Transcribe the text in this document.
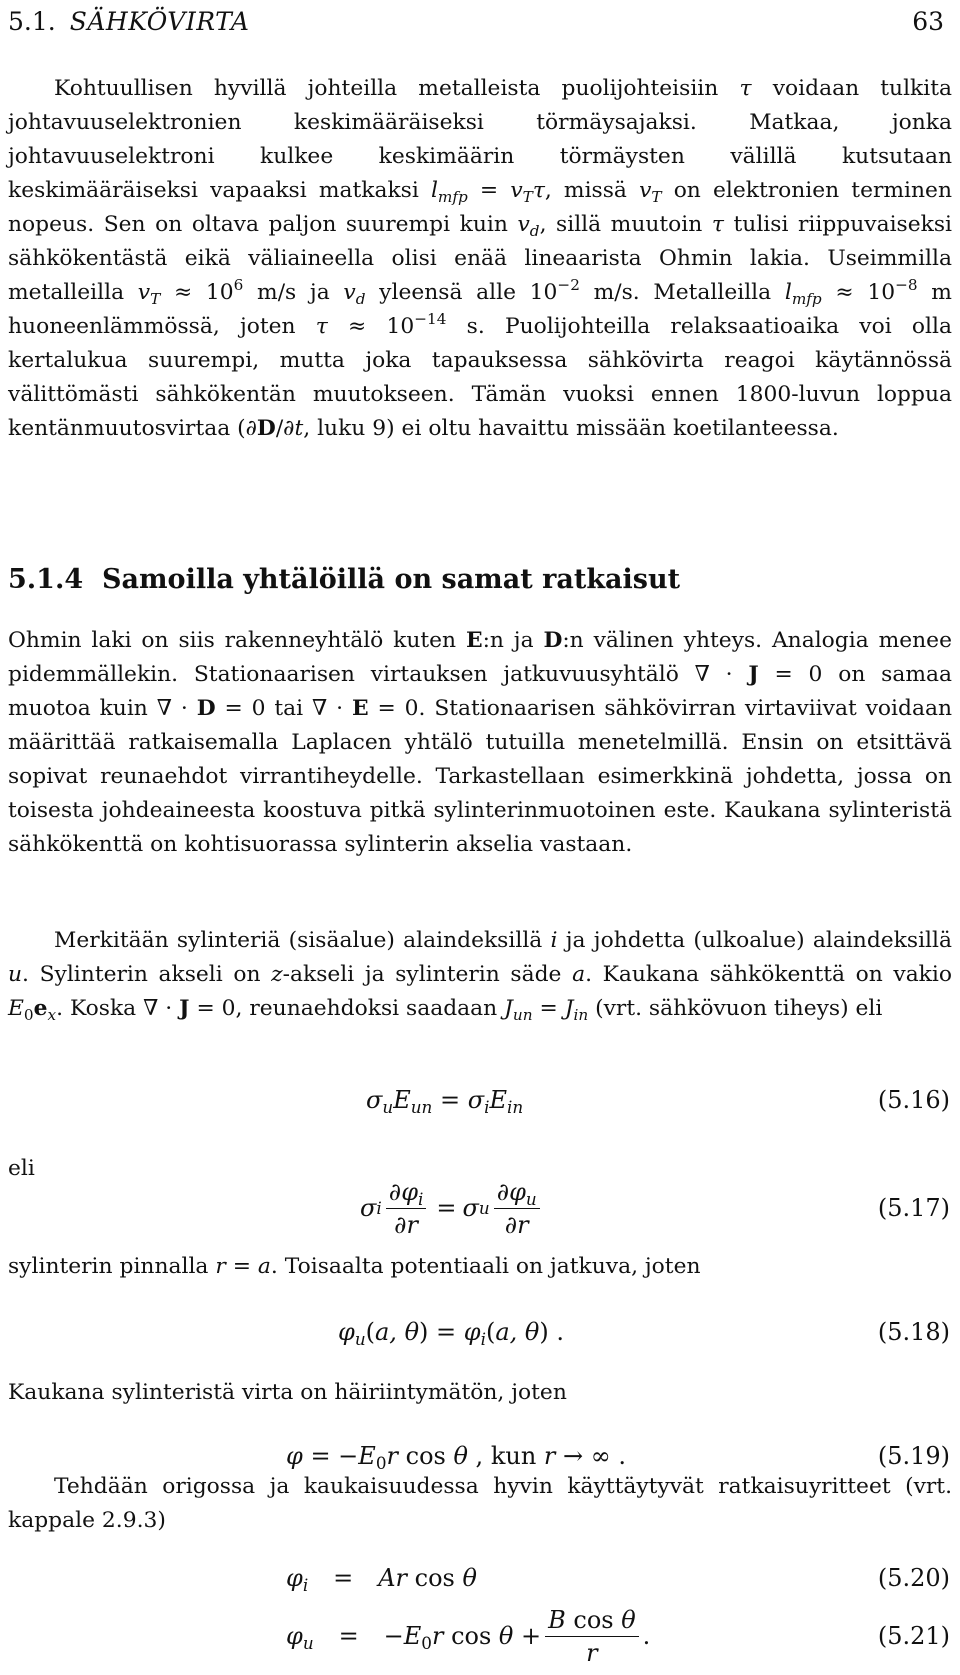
5.1. SÄHKÖVIRTA	63
Kohtuullisen hyvillä johteilla metalleista puolijohteisiin τ voidaan tulkita johtavuuselektronien keskimääräiseksi törmäysajaksi. Matkaa, jonka johtavuuselektroni kulkee keskimäärin törmäysten välillä kutsutaan keskimääräiseksi vapaaksi matkaksi $l_{mfp} = v_T\tau$, missä $v_T$ on elektronien terminen nopeus. Sen on oltava paljon suurempi kuin $v_d$, sillä muutoin τ tulisi riippuvaiseksi sähkökentästä eikä väliaineella olisi enää lineaarista Ohmin lakia. Useimmilla metalleilla $v_T \approx 10^6$ m/s ja $v_d$ yleensä alle $10^{-2}$ m/s. Metalleilla $l_{mfp} \approx 10^{-8}$ m huoneenlämmössä, joten $\tau \approx 10^{-14}$ s. Puolijohteilla relaksaatioaika voi olla kertalukua suurempi, mutta joka tapauksessa sähkövirta reagoi käytännössä välittömästi sähkökentän muutokseen. Tämän vuoksi ennen 1800-luvun loppua kentänmuutosvirtaa (∂D/∂t, luku 9) ei oltu havaittu missään koetilanteessa.
5.1.4 Samoilla yhtälöillä on samat ratkaisut
Ohmin laki on siis rakenneyhtälö kuten E:n ja D:n välinen yhteys. Analogia menee pidemmällekin. Stationaarisen virtauksen jatkuvuusyhtälö ∇ · J = 0 on samaa muotoa kuin ∇ · D = 0 tai ∇ · E = 0. Stationaarisen sähkövirran virtaviivat voidaan määrittää ratkaisemalla Laplacen yhtälö tutuilla menetelmillä. Ensin on etsittävä sopivat reunaehdot virrantiheydelle. Tarkastellaan esimerkkinä johdetta, jossa on toisesta johdeaineesta koostuva pitkä sylinterinmuotoinen este. Kaukana sylinteristä sähkökenttä on kohtisuorassa sylinterin akselia vastaan.
Merkitään sylinteriä (sisäalue) alaindeksillä i ja johdetta (ulkoalue) alaindeksillä u. Sylinterin akseli on z-akseli ja sylinterin säde a. Kaukana sähkökenttä on vakio $E_0e_x$. Koska ∇ · J = 0, reunaehdoksi saadaan $J_{un} = J_{in}$ (vrt. sähkövuon tiheys) eli
$\sigma_uE_{un} = \sigma_iE_{in}$	(5.16)
eli
σ i $\frac{\partial\varphi_i}{\partial r} = \sigma$ u $\frac{\partial\varphi_u}{\partial r}$	(5.17)
sylinterin pinnalla r = a. Toisaalta potentiaali on jatkuva, joten
$\varphi_u(a$, $\theta) = \varphi_i(a$, θ) .	(5.18)
Kaukana sylinteristä virta on häiriintymätön, joten
$\varphi = -E_0r$ cos θ , kun r → ∞ .	(5.19)
Tehdään origossa ja kaukaisuudessa hyvin käyttäytyvät ratkaisuyritteet (vrt. kappale 2.9.3)
$\varphi_i = Ar$ cos θ	(5.20)
$\varphi_u$	=	$-E_0r$ $\cos \theta + \frac{\text{B cos θ}}{r}$ .	(5.21)
